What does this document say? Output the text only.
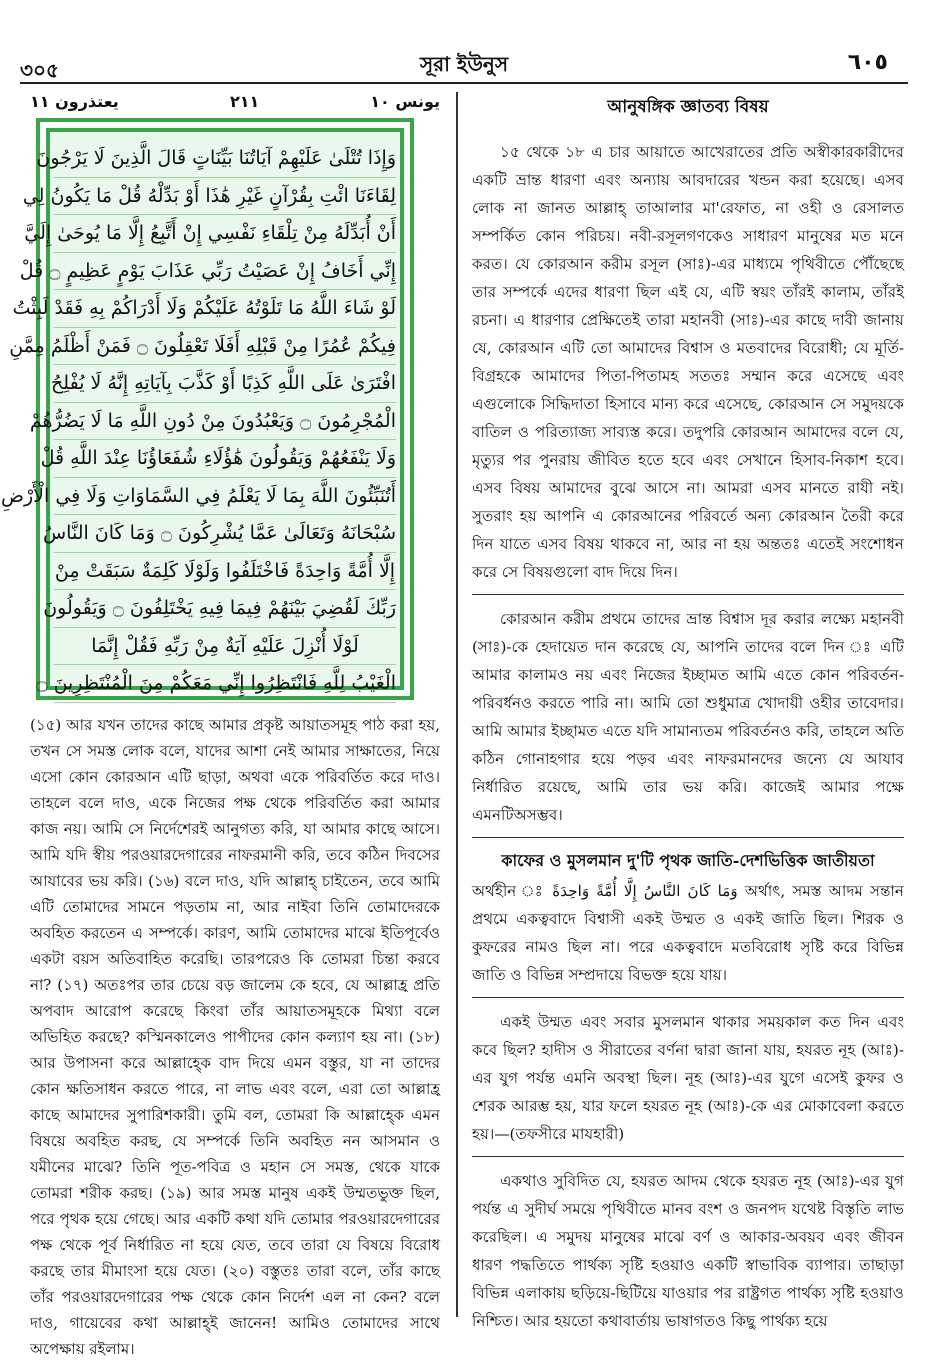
৩০৫	সূরা ইউনুস	٦٠٥
يونس ١٠
٢١١
يعتذرون ١١
وَإِذَا تُتْلَىٰ عَلَيْهِمْ آيَاتُنَا بَيِّنَاتٍ قَالَ الَّذِينَ لَا يَرْجُونَ
لِقَاءَنَا ائْتِ بِقُرْآنٍ غَيْرِ هَٰذَا أَوْ بَدِّلْهُ قُلْ مَا يَكُونُ لِي
أَنْ أُبَدِّلَهُ مِنْ تِلْقَاءِ نَفْسِي إِنْ أَتَّبِعُ إِلَّا مَا يُوحَىٰ إِلَيَّ
إِنِّي أَخَافُ إِنْ عَصَيْتُ رَبِّي عَذَابَ يَوْمٍ عَظِيمٍ ۝ قُلْ
لَوْ شَاءَ اللَّهُ مَا تَلَوْتُهُ عَلَيْكُمْ وَلَا أَدْرَاكُمْ بِهِ فَقَدْ لَبِثْتُ
فِيكُمْ عُمُرًا مِنْ قَبْلِهِ أَفَلَا تَعْقِلُونَ ۝ فَمَنْ أَظْلَمُ مِمَّنِ
افْتَرَىٰ عَلَى اللَّهِ كَذِبًا أَوْ كَذَّبَ بِآيَاتِهِ إِنَّهُ لَا يُفْلِحُ
الْمُجْرِمُونَ ۝ وَيَعْبُدُونَ مِنْ دُونِ اللَّهِ مَا لَا يَضُرُّهُمْ
وَلَا يَنْفَعُهُمْ وَيَقُولُونَ هَٰؤُلَاءِ شُفَعَاؤُنَا عِنْدَ اللَّهِ قُلْ
أَتُنَبِّئُونَ اللَّهَ بِمَا لَا يَعْلَمُ فِي السَّمَاوَاتِ وَلَا فِي الْأَرْضِ
سُبْحَانَهُ وَتَعَالَىٰ عَمَّا يُشْرِكُونَ ۝ وَمَا كَانَ النَّاسُ
إِلَّا أُمَّةً وَاحِدَةً فَاخْتَلَفُوا وَلَوْلَا كَلِمَةٌ سَبَقَتْ مِنْ
رَبِّكَ لَقُضِيَ بَيْنَهُمْ فِيمَا فِيهِ يَخْتَلِفُونَ ۝ وَيَقُولُونَ
لَوْلَا أُنْزِلَ عَلَيْهِ آيَةٌ مِنْ رَبِّهِ فَقُلْ إِنَّمَا
الْغَيْبُ لِلَّهِ فَانْتَظِرُوا إِنِّي مَعَكُمْ مِنَ الْمُنْتَظِرِينَ ۝

(১৫) আর যখন তাদের কাছে আমার প্রকৃষ্ট আয়াতসমূহ পাঠ করা হয়, তখন সে সমস্ত লোক বলে, যাদের আশা নেই আমার সাক্ষাতের, নিয়ে এসো কোন কোরআন এটি ছাড়া, অথবা একে পরিবর্তিত করে দাও। তাহলে বলে দাও, একে নিজের পক্ষ থেকে পরিবর্তিত করা আমার কাজ নয়। আমি সে নির্দেশেরই আনুগত্য করি, যা আমার কাছে আসে। আমি যদি স্বীয় পরওয়ারদেগারের নাফরমানী করি, তবে কঠিন দিবসের আযাবের ভয় করি। (১৬) বলে দাও, যদি আল্লাহ্ চাইতেন, তবে আমি এটি তোমাদের সামনে পড়তাম না, আর নাইবা তিনি তোমাদেরকে অবহিত করতেন এ সম্পর্কে। কারণ, আমি তোমাদের মাঝে ইতিপূর্বেও একটা বয়স অতিবাহিত করেছি। তারপরেও কি তোমরা চিন্তা করবে না? (১৭) অতঃপর তার চেয়ে বড় জালেম কে হবে, যে আল্লাহ্র প্রতি অপবাদ আরোপ করেছে কিংবা তাঁর আয়াতসমূহকে মিথ্যা বলে অভিহিত করছে? কস্মিনকালেও পাপীদের কোন কল্যাণ হয় না। (১৮) আর উপাসনা করে আল্লাহ্কে বাদ দিয়ে এমন বস্তুর, যা না তাদের কোন ক্ষতিসাধন করতে পারে, না লাভ এবং বলে, এরা তো আল্লাহ্র কাছে আমাদের সুপারিশকারী। তুমি বল, তোমরা কি আল্লাহ্কে এমন বিষয়ে অবহিত করছ, যে সম্পর্কে তিনি অবহিত নন আসমান ও যমীনের মাঝে? তিনি পূত-পবিত্র ও মহান সে সমস্ত, থেকে যাকে তোমরা শরীক করছ। (১৯) আর সমস্ত মানুষ একই উম্মতভুক্ত ছিল, পরে পৃথক হয়ে গেছে। আর একটি কথা যদি তোমার পরওয়ারদেগারের পক্ষ থেকে পূর্ব নির্ধারিত না হয়ে যেত, তবে তারা যে বিষয়ে বিরোধ করছে তার মীমাংসা হয়ে যেত। (২০) বস্তুতঃ তারা বলে, তাঁর কাছে তাঁর পরওয়ারদেগারের পক্ষ থেকে কোন নির্দেশ এল না কেন? বলে দাও, গায়েবের কথা আল্লাহ্ই জানেন! আমিও তোমাদের সাথে অপেক্ষায় রইলাম।

আনুষঙ্গিক জ্ঞাতব্য বিষয়

১৫ থেকে ১৮ এ চার আয়াতে আখেরাতের প্রতি অস্বীকারকারীদের একটি ভ্রান্ত ধারণা এবং অন্যায় আবদারের খন্ডন করা হয়েছে। এসব লোক না জানত আল্লাহ্ তাআলার মা'রেফাত, না ওহী ও রেসালত সম্পর্কিত কোন পরিচয়। নবী-রসূলগণকেও সাধারণ মানুষের মত মনে করত। যে কোরআন করীম রসূল (সাঃ)-এর মাধ্যমে পৃথিবীতে পৌঁছেছে তার সম্পর্কে এদের ধারণা ছিল এই যে, এটি স্বয়ং তাঁরই কালাম, তাঁরই রচনা। এ ধারণার প্রেক্ষিতেই তারা মহানবী (সাঃ)-এর কাছে দাবী জানায় যে, কোরআন এটি তো আমাদের বিশ্বাস ও মতবাদের বিরোধী; যে মূর্তি-বিগ্রহকে আমাদের পিতা-পিতামহ সততঃ সম্মান করে এসেছে এবং এগুলোকে সিদ্ধিদাতা হিসাবে মান্য করে এসেছে, কোরআন সে সমুদয়কে বাতিল ও পরিত্যাজ্য সাব্যস্ত করে। তদুপরি কোরআন আমাদের বলে যে, মৃত্যুর পর পুনরায় জীবিত হতে হবে এবং সেখানে হিসাব-নিকাশ হবে। এসব বিষয় আমাদের বুঝে আসে না। আমরা এসব মানতে রাযী নই। সুতরাং হয় আপনি এ কোরআনের পরিবর্তে অন্য কোরআন তৈরী করে দিন যাতে এসব বিষয় থাকবে না, আর না হয় অন্ততঃ এতেই সংশোধন করে সে বিষয়গুলো বাদ দিয়ে দিন।

কোরআন করীম প্রথমে তাদের ভ্রান্ত বিশ্বাস দূর করার লক্ষ্যে মহানবী (সাঃ)-কে হেদায়েত দান করেছে যে, আপনি তাদের বলে দিন ঃ এটি আমার কালামও নয় এবং নিজের ইচ্ছামত আমি এতে কোন পরিবর্তন-পরিবর্ধনও করতে পারি না। আমি তো শুধুমাত্র খোদায়ী ওহীর তাবেদার। আমি আমার ইচ্ছামত এতে যদি সামান্যতম পরিবর্তনও করি, তাহলে অতি কঠিন গোনাহগার হয়ে পড়ব এবং নাফরমানদের জন্যে যে আযাব নির্ধারিত রয়েছে, আমি তার ভয় করি। কাজেই আমার পক্ষে এমনটিঅসম্ভব।

কাফের ও মুসলমান দু'টি পৃথক জাতি-দেশভিত্তিক জাতীয়তা

অর্থহীন ঃ وَمَا كَانَ النَّاسُ إِلَّا أُمَّةً وَاحِدَةً অর্থাৎ, সমস্ত আদম সন্তান প্রথমে একত্ববাদে বিশ্বাসী একই উম্মত ও একই জাতি ছিল। শিরক ও কুফরের নামও ছিল না। পরে একত্ববাদে মতবিরোধ সৃষ্টি করে বিভিন্ন জাতি ও বিভিন্ন সম্প্রদায়ে বিভক্ত হয়ে যায়।

একই উম্মত এবং সবার মুসলমান থাকার সময়কাল কত দিন এবং কবে ছিল? হাদীস ও সীরাতের বর্ণনা দ্বারা জানা যায়, হযরত নূহ (আঃ)-এর যুগ পর্যন্ত এমনি অবস্থা ছিল। নূহ (আঃ)-এর যুগে এসেই কুফর ও শেরক আরম্ভ হয়, যার ফলে হযরত নূহ (আঃ)-কে এর মোকাবেলা করতে হয়।—(তফসীরে মাযহারী)

একথাও সুবিদিত যে, হযরত আদম থেকে হযরত নূহ (আঃ)-এর যুগ পর্যন্ত এ সুদীর্ঘ সময়ে পৃথিবীতে মানব বংশ ও জনপদ যথেষ্ট বিস্তৃতি লাভ করেছিল। এ সমুদয় মানুষের মাঝে বর্ণ ও আকার-অবয়ব এবং জীবন ধারণ পদ্ধতিতে পার্থক্য সৃষ্টি হওয়াও একটি স্বাভাবিক ব্যাপার। তাছাড়া বিভিন্ন এলাকায় ছড়িয়ে-ছিটিয়ে যাওয়ার পর রাষ্ট্রগত পার্থক্য সৃষ্টি হওয়াও নিশ্চিত। আর হয়তো কথাবার্তায় ভাষাগতও কিছু পার্থক্য হয়ে
